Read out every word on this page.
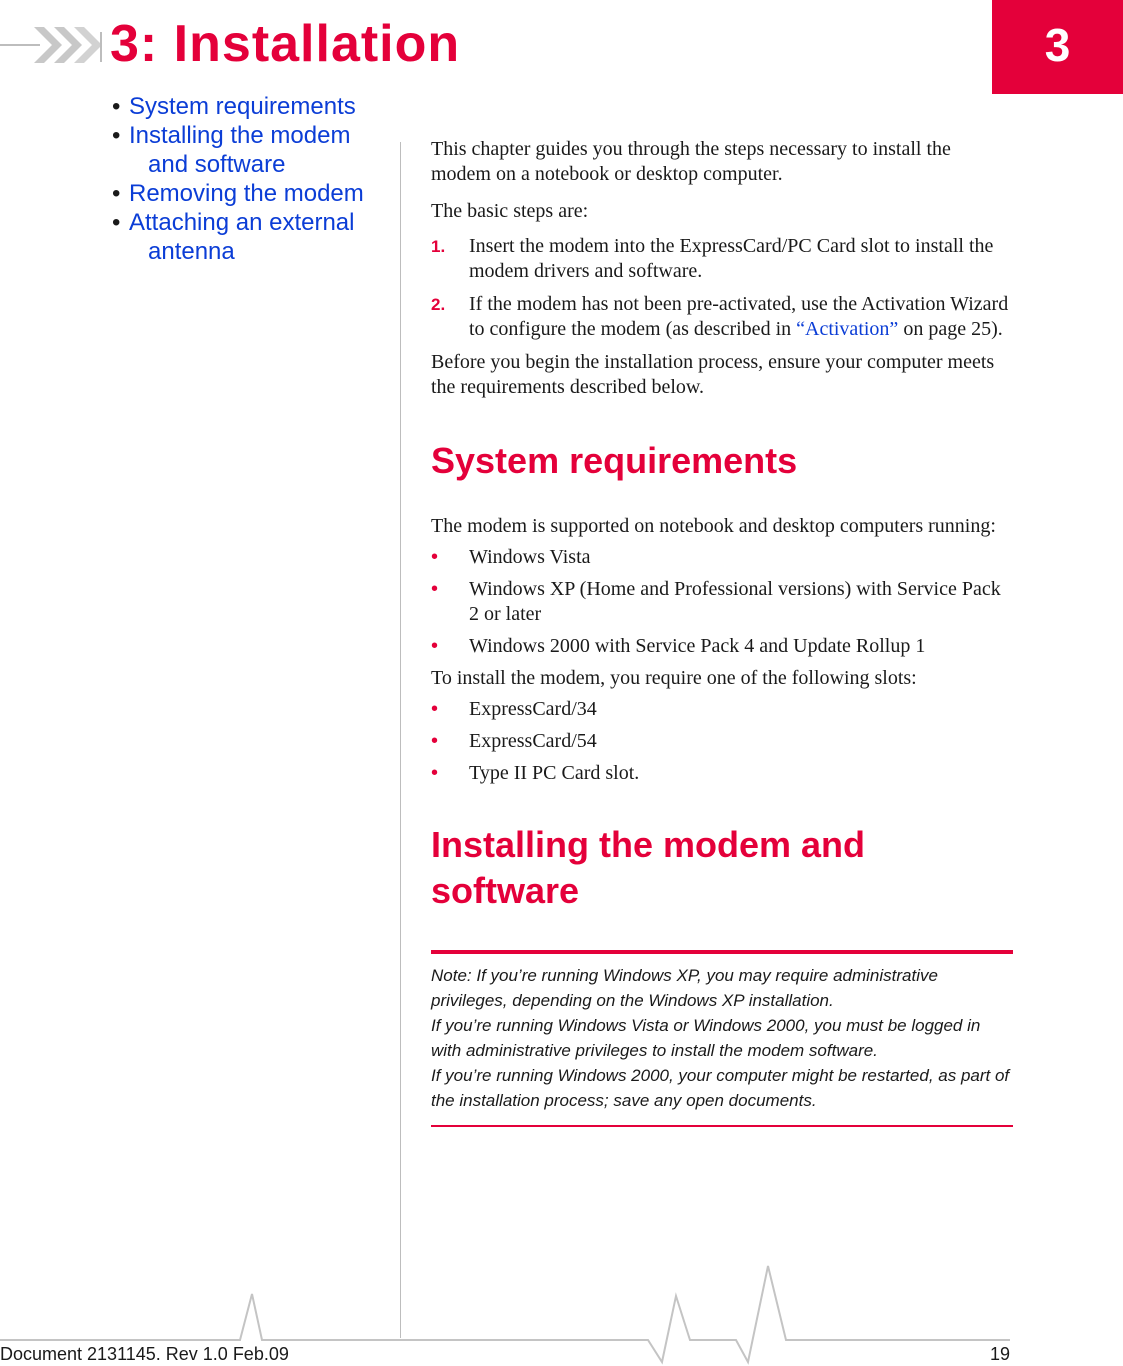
3: Installation	3
• System requirements
• Installing the modem and software
• Removing the modem
• Attaching an external antenna

This chapter guides you through the steps necessary to install the modem on a notebook or desktop computer.

The basic steps are:

1. Insert the modem into the ExpressCard/PC Card slot to install the modem drivers and software.
2. If the modem has not been pre-activated, use the Activation Wizard to configure the modem (as described in “Activation” on page 25).

Before you begin the installation process, ensure your computer meets the requirements described below.

System requirements

The modem is supported on notebook and desktop computers running:

• Windows Vista
• Windows XP (Home and Professional versions) with Service Pack 2 or later
• Windows 2000 with Service Pack 4 and Update Rollup 1

To install the modem, you require one of the following slots:

• ExpressCard/34
• ExpressCard/54
• Type II PC Card slot.
Installing the modem and software
Note: If you’re running Windows XP, you may require administrative privileges, depending on the Windows XP installation.
If you’re running Windows Vista or Windows 2000, you must be logged in with administrative privileges to install the modem software.
If you’re running Windows 2000, your computer might be restarted, as part of the installation process; save any open documents.
Document 2131145. Rev 1.0 Feb.09	19
